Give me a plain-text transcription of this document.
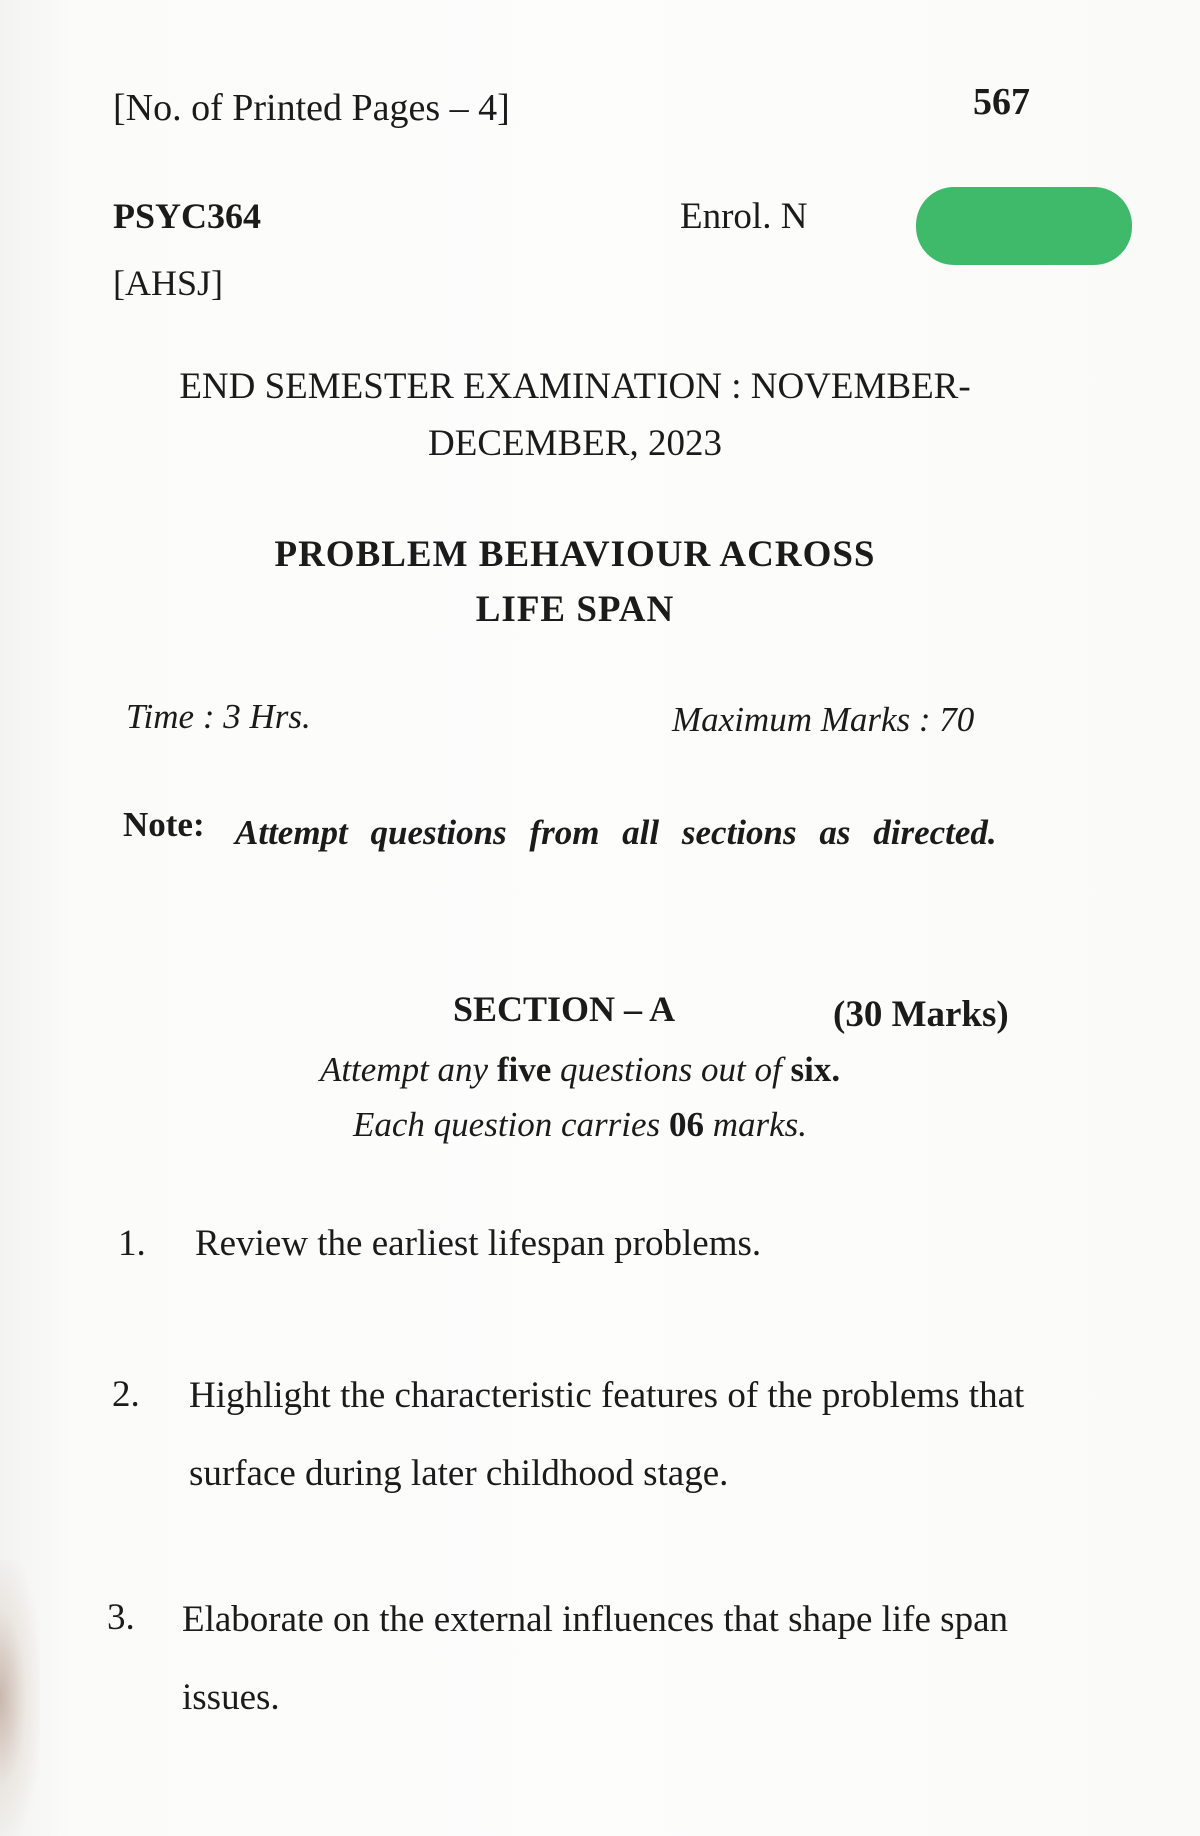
[No. of Printed Pages – 4]	567
PSYC364	Enrol. N
[AHSJ]
END SEMESTER EXAMINATION : NOVEMBER-
DECEMBER, 2023
PROBLEM BEHAVIOUR ACROSS
LIFE SPAN
Time : 3 Hrs.	Maximum Marks : 70
Note: Attempt questions from all sections as directed.
SECTION – A	(30 Marks)
Attempt any five questions out of six.
Each question carries 06 marks.
1. Review the earliest lifespan problems.
2. Highlight the characteristic features of the problems that surface during later childhood stage.
3. Elaborate on the external influences that shape life span issues.
